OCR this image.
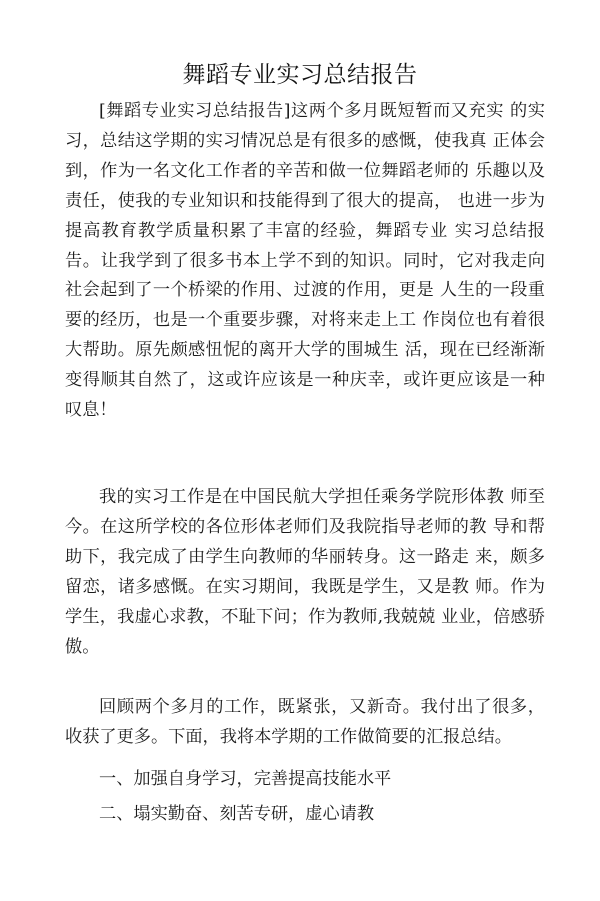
舞蹈专业实习总结报告

[舞蹈专业实习总结报告]这两个多月既短暂而又充实 的实习，总结这学期的实习情况总是有很多的感慨，使我真 正体会到，作为一名文化工作者的辛苦和做一位舞蹈老师的 乐趣以及责任，使我的专业知识和技能得到了很大的提高， 也进一步为提高教育教学质量积累了丰富的经验，舞蹈专业 实习总结报告。让我学到了很多书本上学不到的知识。同时，它对我走向社会起到了一个桥梁的作用、过渡的作用，更是 人生的一段重要的经历，也是一个重要步骤，对将来走上工 作岗位也有着很大帮助。原先颇感忸怩的离开大学的围城生 活，现在已经渐渐变得顺其自然了，这或许应该是一种庆幸，或许更应该是一种叹息！

我的实习工作是在中国民航大学担任乘务学院形体教 师至今。在这所学校的各位形体老师们及我院指导老师的教 导和帮助下，我完成了由学生向教师的华丽转身。这一路走 来，颇多留恋，诸多感慨。在实习期间，我既是学生，又是教 师。作为学生，我虚心求教，不耻下问；作为教师,我兢兢 业业，倍感骄傲。

回顾两个多月的工作，既紧张，又新奇。我付出了很多，收获了更多。下面，我将本学期的工作做简要的汇报总结。

一、加强自身学习，完善提高技能水平

二、塌实勤奋、刻苦专研，虚心请教
